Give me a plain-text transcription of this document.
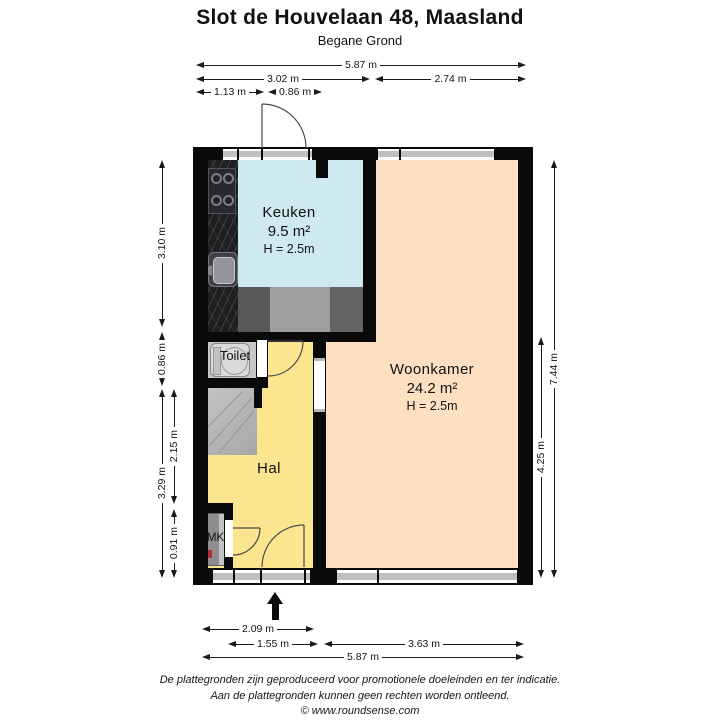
Slot de Houvelaan 48, Maasland
Begane Grond
Keuken
9.5 m²
H = 2.5m
Woonkamer
24.2 m²
H = 2.5m
Toilet
Hal
MK
5.87 m
3.02 m	2.74 m
1.13 m	0.86 m
2.09 m
1.55 m	3.63 m
5.87 m
3.10 m
0.86 m
3.29 m
2.15 m
0.91 m
4.25 m
7.44 m
De plattegronden zijn geproduceerd voor promotionele doeleinden en ter indicatie.
Aan de plattegronden kunnen geen rechten worden ontleend.
© www.roundsense.com
